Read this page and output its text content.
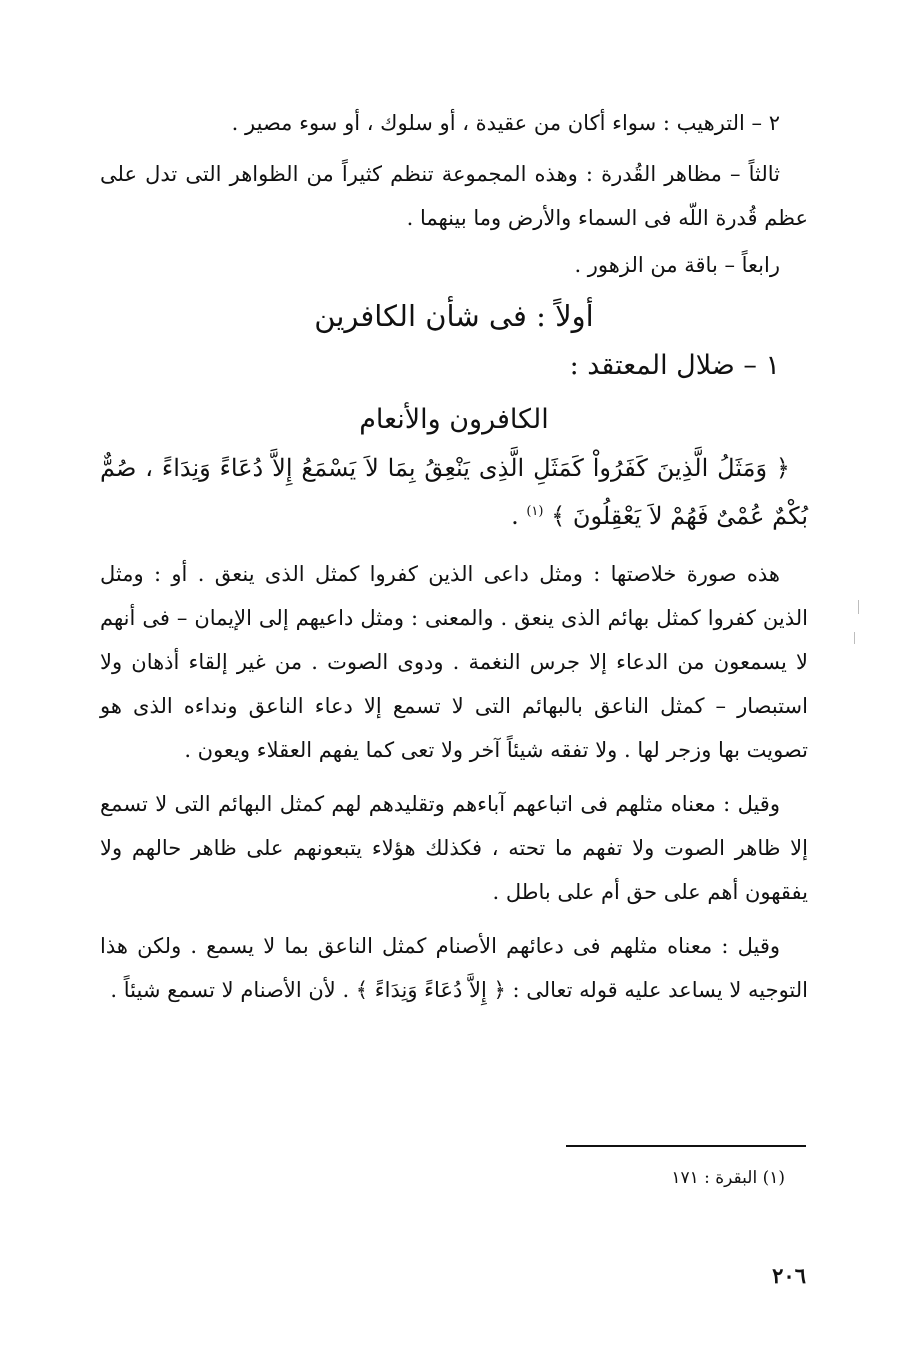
٢ – الترهيب : سواء أكان من عقيدة ، أو سلوك ، أو سوء مصير .

ثالثاً – مظاهر القُدرة : وهذه المجموعة تنظم كثيراً من الظواهر التى تدل على عظم قُدرة اللّه فى السماء والأرض وما بينهما .

رابعاً – باقة من الزهور .

أولاً : فى شأن الكافرين
١ – ضلال المعتقد :
الكافرون والأنعام

﴿ وَمَثَلُ الَّذِينَ كَفَرُواْ كَمَثَلِ الَّذِى يَنْعِقُ بِمَا لاَ يَسْمَعُ إِلاَّ دُعَاءً وَنِدَاءً ، صُمٌّ بُكْمٌ عُمْىٌ فَهُمْ لاَ يَعْقِلُونَ ﴾ $^{(١)}$ .

هذه صورة خلاصتها : ومثل داعى الذين كفروا كمثل الذى ينعق . أو : ومثل الذين كفروا كمثل بهائم الذى ينعق . والمعنى : ومثل داعيهم إلى الإيمان – فى أنهم لا يسمعون من الدعاء إلا جرس النغمة . ودوى الصوت . من غير إلقاء أذهان ولا استبصار – كمثل الناعق بالبهائم التى لا تسمع إلا دعاء الناعق ونداءه الذى هو تصويت بها وزجر لها . ولا تفقه شيئاً آخر ولا تعى كما يفهم العقلاء ويعون .

وقيل : معناه مثلهم فى اتباعهم آباءهم وتقليدهم لهم كمثل البهائم التى لا تسمع إلا ظاهر الصوت ولا تفهم ما تحته ، فكذلك هؤلاء يتبعونهم على ظاهر حالهم ولا يفقهون أهم على حق أم على باطل .

وقيل : معناه مثلهم فى دعائهم الأصنام كمثل الناعق بما لا يسمع . ولكن هذا التوجيه لا يساعد عليه قوله تعالى : ﴿ إِلاَّ دُعَاءً وَنِدَاءً ﴾ . لأن الأصنام لا تسمع شيئاً .

(١) البقرة : ١٧١
٢٠٦
